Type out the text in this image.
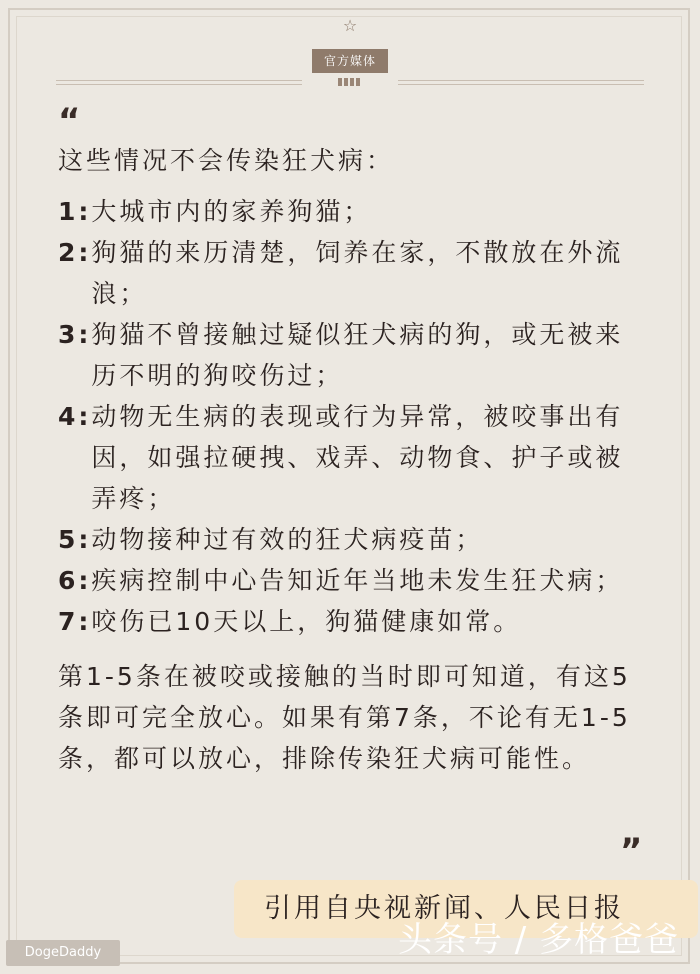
☆
官方媒体
“
这些情况不会传染狂犬病：
1: 大城市内的家养狗猫；
2: 狗猫的来历清楚，饲养在家，不散放在外流浪；
3: 狗猫不曾接触过疑似狂犬病的狗，或无被来历不明的狗咬伤过；
4: 动物无生病的表现或行为异常，被咬事出有因，如强拉硬拽、戏弄、动物食、护子或被弄疼；
5: 动物接种过有效的狂犬病疫苗；
6: 疾病控制中心告知近年当地未发生狂犬病；
7: 咬伤已10天以上，狗猫健康如常。
第1-5条在被咬或接触的当时即可知道，有这5条即可完全放心。如果有第7条，不论有无1-5条，都可以放心，排除传染狂犬病可能性。
”
引用自央视新闻、人民日报
DogeDaddy	头条号 / 多格爸爸
